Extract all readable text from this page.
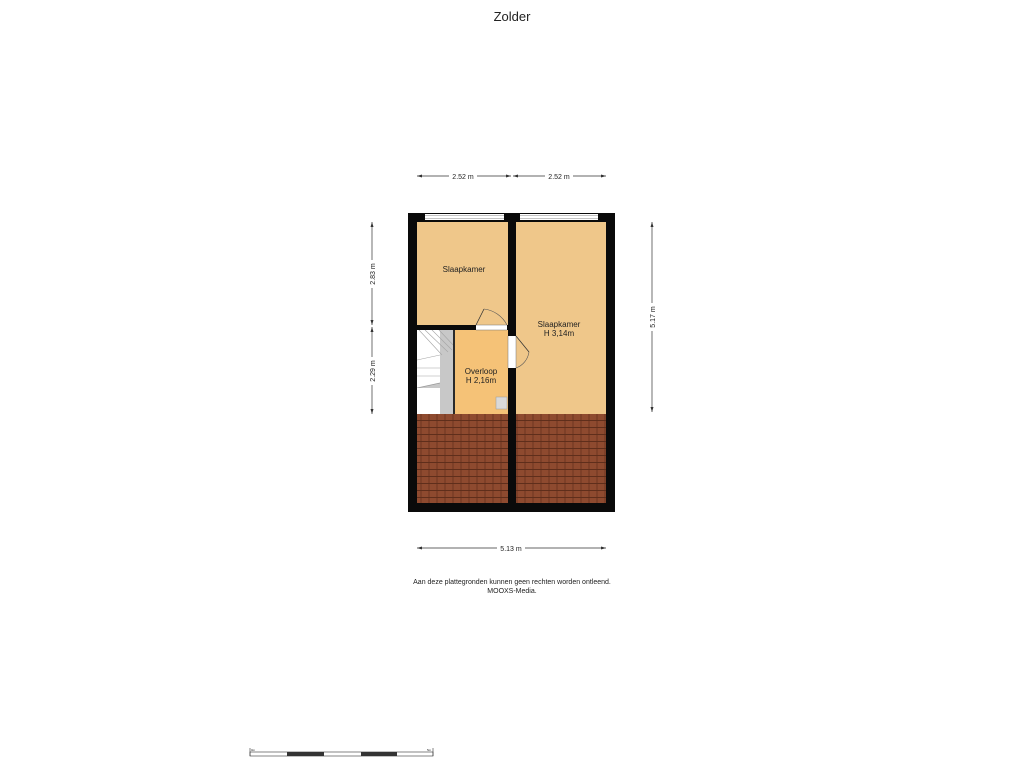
Zolder
2.52 m	2.52 m
2.83 m
2.29 m
5.17 m
5.13 m
Slaapkamer
Slaapkamer
H 3,14m
Overloop
H 2,16m
0m	5m
Aan deze plattegronden kunnen geen rechten worden ontleend.
MOOXS-Media.
